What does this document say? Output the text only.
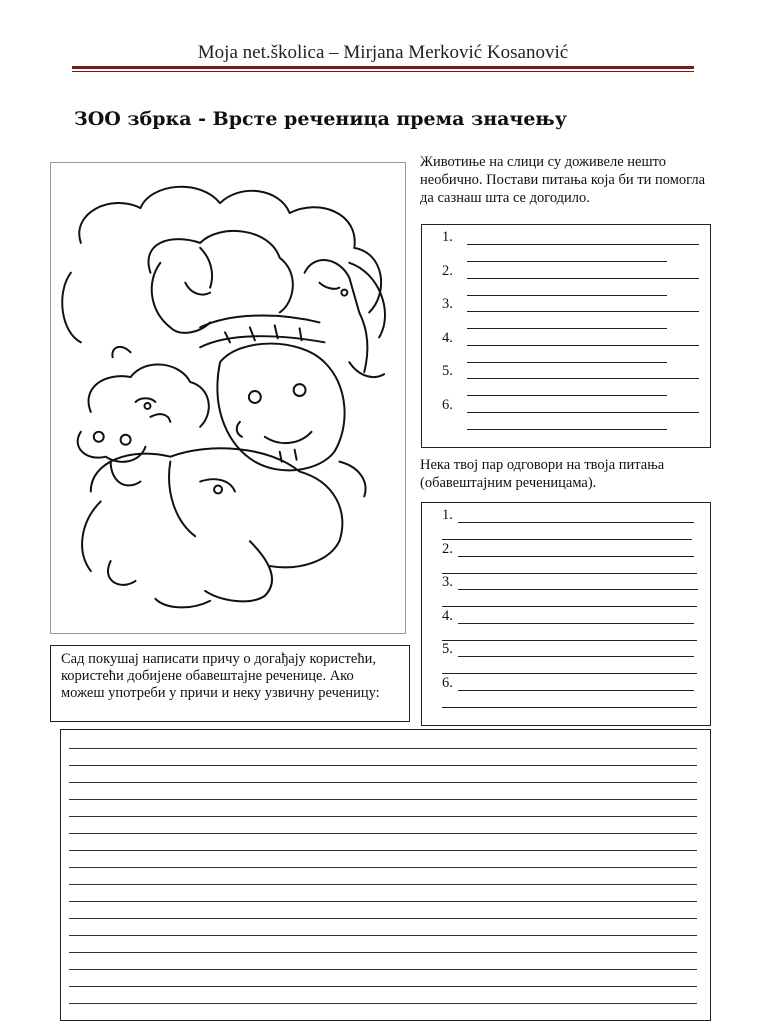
Moja net.školica – Mirjana Merković Kosanović
ЗОО збрка - Врсте реченица према значењу
Животиње на слици су доживеле нешто необично. Постави питања која би ти помогла да сазнаш шта се догодило.
1.
2.
3.
4.
5.
6.
Нека твој пар одговори на твоја питања (обавештајним реченицама).
1.
2.
3.
4.
5.
6.
Сад покушај написати причу о догађају користећи, користећи добијене обавештајне реченице. Ако можеш употреби у причи и неку узвичну реченицу:
